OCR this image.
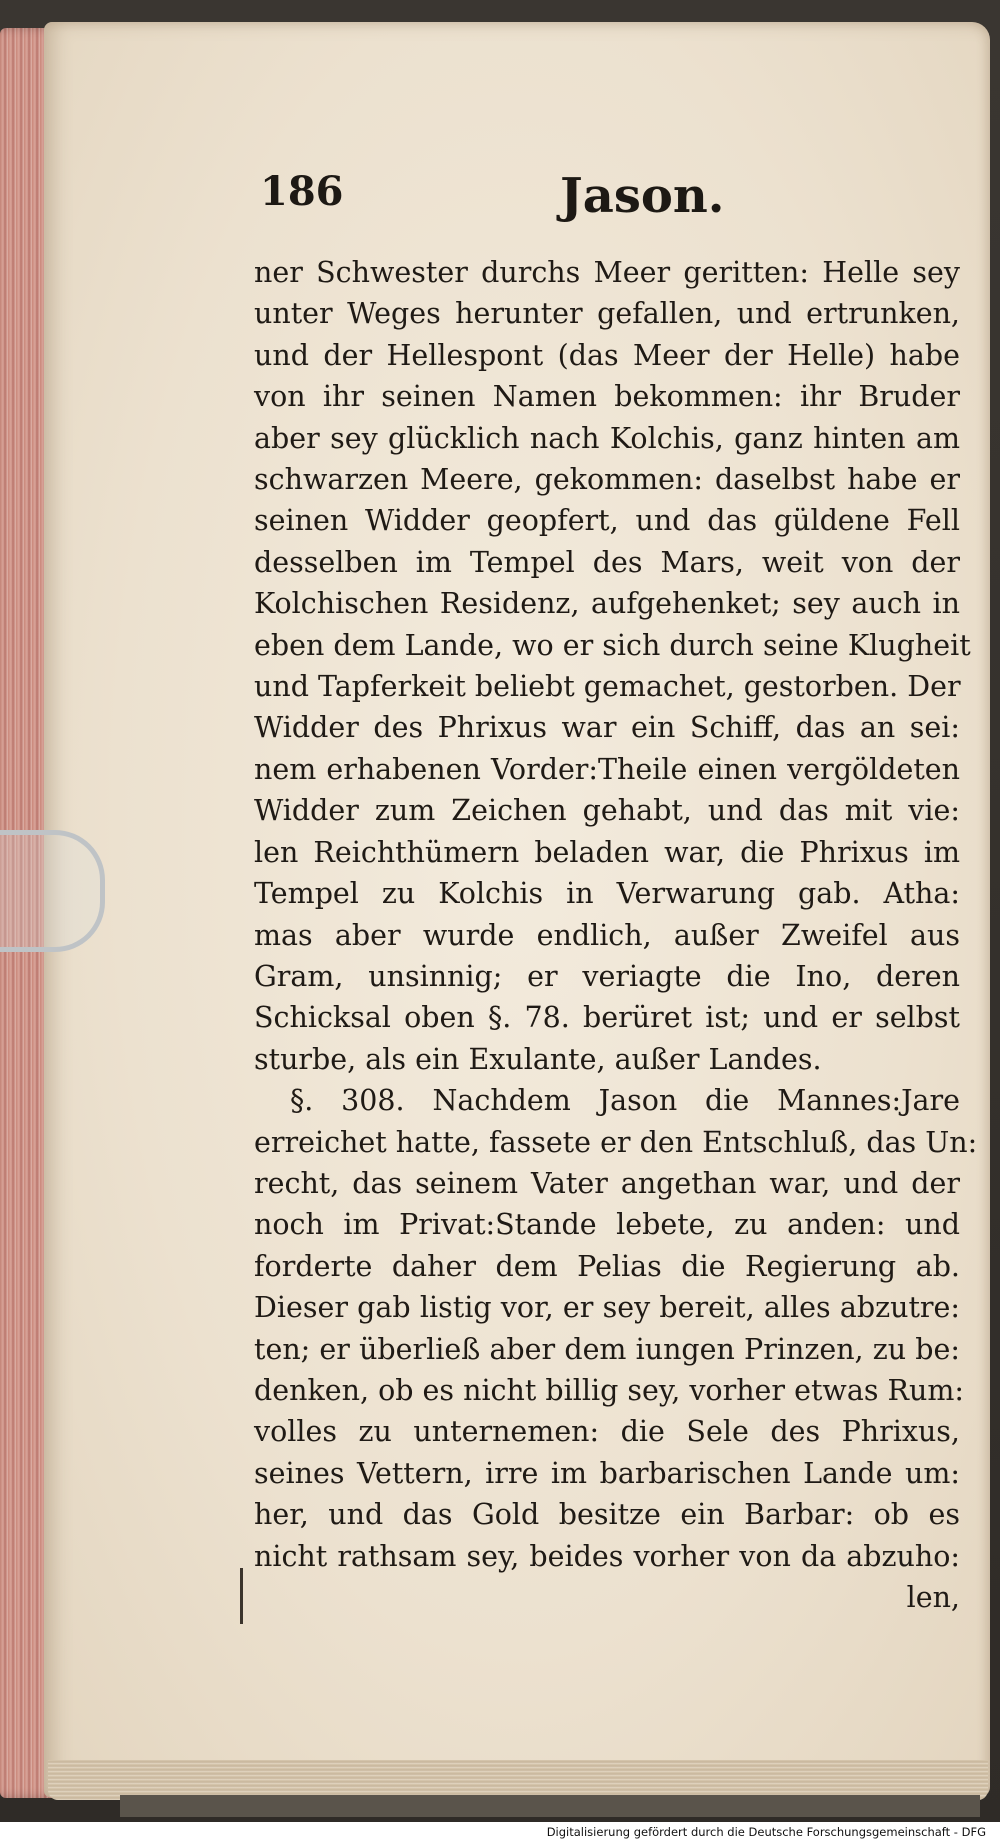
186	Jason.
ner Schwester durchs Meer geritten: Helle sey
unter Weges herunter gefallen, und ertrunken,
und der Hellespont (das Meer der Helle) habe
von ihr seinen Namen bekommen: ihr Bruder
aber sey glücklich nach Kolchis, ganz hinten am
schwarzen Meere, gekommen: daselbst habe er
seinen Widder geopfert, und das güldene Fell
desselben im Tempel des Mars, weit von der
Kolchischen Residenz, aufgehenket; sey auch in
eben dem Lande, wo er sich durch seine Klugheit
und Tapferkeit beliebt gemachet, gestorben. Der
Widder des Phrixus war ein Schiff, das an sei:
nem erhabenen Vorder:Theile einen vergöldeten
Widder zum Zeichen gehabt, und das mit vie:
len Reichthümern beladen war, die Phrixus im
Tempel zu Kolchis in Verwarung gab. Atha:
mas aber wurde endlich, außer Zweifel aus
Gram, unsinnig; er veriagte die Ino, deren
Schicksal oben §. 78. berüret ist; und er selbst
sturbe, als ein Exulante, außer Landes.
§. 308. Nachdem Jason die Mannes:Jare
erreichet hatte, fassete er den Entschluß, das Un:
recht, das seinem Vater angethan war, und der
noch im Privat:Stande lebete, zu anden: und
forderte daher dem Pelias die Regierung ab.
Dieser gab listig vor, er sey bereit, alles abzutre:
ten; er überließ aber dem iungen Prinzen, zu be:
denken, ob es nicht billig sey, vorher etwas Rum:
volles zu unternemen: die Sele des Phrixus,
seines Vettern, irre im barbarischen Lande um:
her, und das Gold besitze ein Barbar: ob es
nicht rathsam sey, beides vorher von da abzuho:
len,
Digitalisierung gefördert durch die Deutsche Forschungsgemeinschaft - DFG
